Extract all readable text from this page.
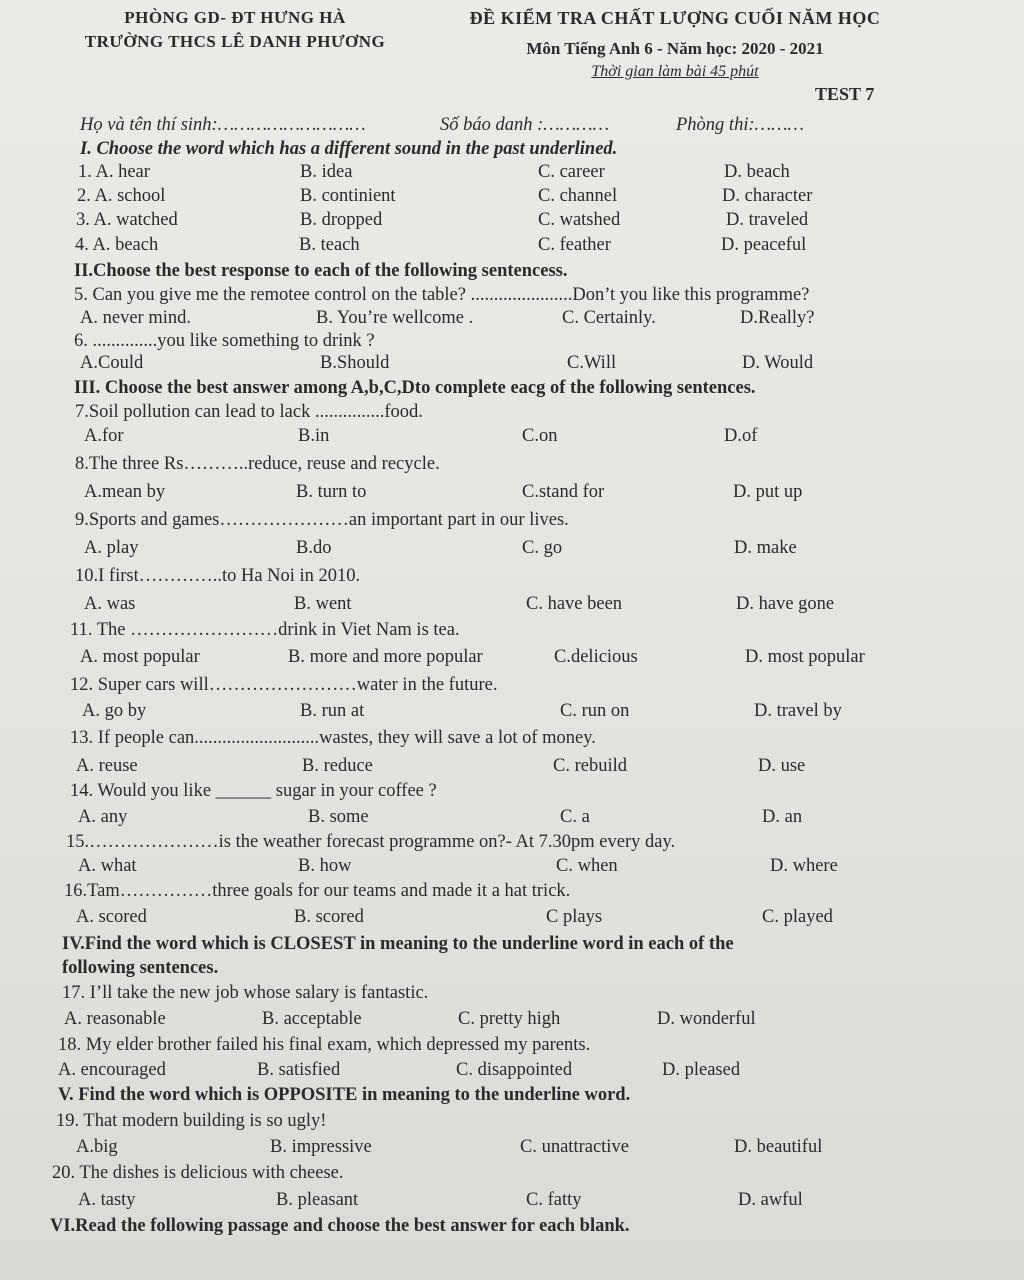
PHÒNG GD- ĐT HƯNG HÀ
TRƯỜNG THCS LÊ DANH PHƯƠNG
ĐỀ KIỂM TRA CHẤT LƯỢNG CUỐI NĂM HỌC
Môn Tiếng Anh 6 - Năm học: 2020 - 2021
Thời gian làm bài 45 phút
TEST 7
Họ và tên thí sinh:………………………	Số báo danh :…………	Phòng thi:………
I. Choose the word which has a different sound in the past underlined.
1. A. hear	B. idea	C. career	D. beach
2. A. school	B. continient	C. channel	D. character
3. A. watched	B. dropped	C. watshed	D. traveled
4. A. beach	B. teach	C. feather	D. peaceful
II.Choose the best response to each of the following sentencess.
5. Can you give me the remotee control on the table? ......................Don’t you like this programme?
A. never mind.	B. You’re wellcome .	C. Certainly.	D.Really?
6. ..............you like something to drink ?
A.Could	B.Should	C.Will	D. Would
III. Choose the best answer among A,b,C,Dto complete eacg of the following sentences.
7.Soil pollution can lead to lack ...............food.
A.for	B.in	C.on	D.of
8.The three Rs………..reduce, reuse and recycle.
A.mean by	B. turn to	C.stand for	D. put up
9.Sports and games…………………an important part in our lives.
A. play	B.do	C. go	D. make
10.I first…………..to Ha Noi in 2010.
A. was	B. went	C. have been	D. have gone
11. The ……………………drink in Viet Nam is tea.
A. most popular	B. more and more popular	C.delicious	D. most popular
12. Super cars will……………………water in the future.
A. go by	B. run at	C. run on	D. travel by
13. If people can...........................wastes, they will save a lot of money.
A. reuse	B. reduce	C. rebuild	D. use
14. Would you like ______ sugar in your coffee ?
A. any	B. some	C. a	D. an
15.…………………is the weather forecast programme on?- At 7.30pm every day.
A. what	B. how	C. when	D. where
16.Tam……………three goals for our teams and made it a hat trick.
A. scored	B. scored	C plays	C. played
IV.Find the word which is CLOSEST in meaning to the underline word in each of the
following sentences.
17. I’ll take the new job whose salary is fantastic.
A. reasonable	B. acceptable	C. pretty high	D. wonderful
18. My elder brother failed his final exam, which depressed my parents.
A. encouraged	B. satisfied	C. disappointed	D. pleased
V. Find the word which is OPPOSITE in meaning to the underline word.
19. That modern building is so ugly!
A.big	B. impressive	C. unattractive	D. beautiful
20. The dishes is delicious with cheese.
A. tasty	B. pleasant	C. fatty	D. awful
VI.Read the following passage and choose the best answer for each blank.
